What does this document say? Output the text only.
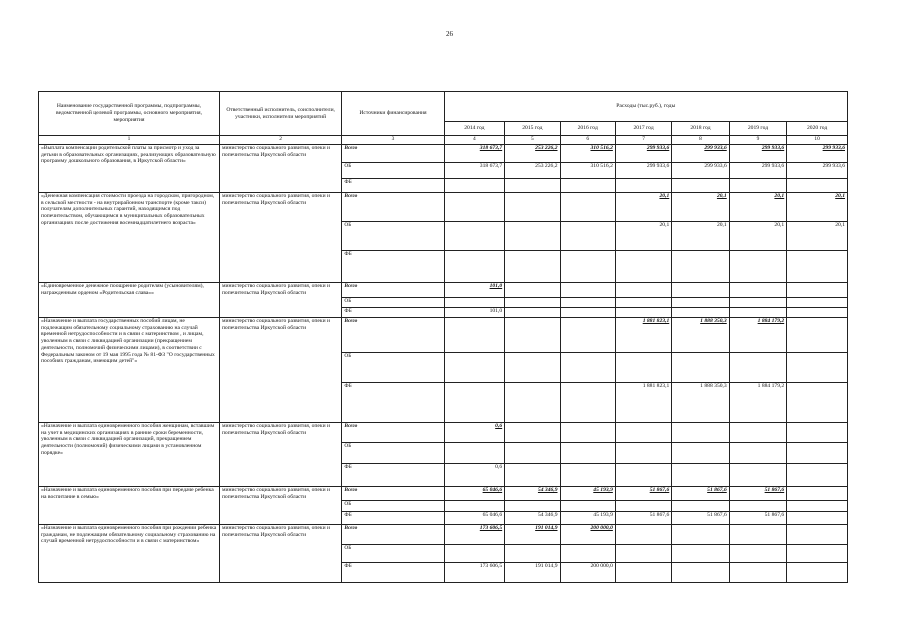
26
Наименование государственной программы, подпрограммы, ведомственной целевой программы, основного мероприятия, мероприятия	Ответственный исполнитель, соисполнители, участники, исполнители мероприятий	Источники финансирования	Расходы (тыс.руб.), годы						
			2014 год	2015 год	2016 год	2017 год	2018 год	2019 год	2020 год
1	2	3	4	5	6	7	8	9	10
«Выплата компенсации родительской платы за присмотр и уход за детьми в образовательных организациях, реализующих образовательную программу дошкольного образования, в Иркутской области»	министерство социального развития, опеки и попечительства Иркутской области	Всего	318 673,7	253 226,2	310 516,2	299 933,6	299 933,6	299 933,6	299 933,6
		ОБ	318 673,7	253 226,2	310 516,2	299 933,6	299 933,6	299 933,6	299 933,6
		ФБ							
«Денежная компенсация стоимости проезда на городском, пригородном, в сельской местности - на внутрирайонном транспорте (кроме такси) получателям дополнительных гарантий, находящимся под попечительством, обучающимся в муниципальных образовательных организациях после достижения восемнадцатилетнего возраста»	министерство социального развития, опеки и попечительства Иркутской области	Всего				20,1	20,1	20,1	20,1
		ОБ				20,1	20,1	20,1	20,1
		ФБ							
«Единовременное денежное поощрение родителям (усыновителям), награжденным орденом «Родительская слава»»	министерство социального развития, опеки и попечительства Иркутской области	Всего	101,0						
		ОБ							
		ФБ	101,0						
«Назначение и выплата государственных пособий лицам, не подлежащим обязательному социальному страхованию на случай временной нетрудоспособности и в связи с материнством , и лицам, уволенным в связи с ликвидацией организации (прекращением деятельности, полномочий физическими лицами), в соответствии с Федеральным законом от 19 мая 1995 года № 81-ФЗ "О государственных пособиях гражданам, имеющим детей"»	министерство социального развития, опеки и попечительства Иркутской области	Всего				1 881 823,1	1 888 350,3	1 884 179,2	
		ОБ							
		ФБ				1 881 823,1	1 888 350,3	1 884 179,2	
«Назначение и выплата единовременного пособия женщинам, вставшим на учет в медицинских организациях в ранние сроки беременности, уволенным в связи с ликвидацией организаций, прекращением деятельности (полномочий) физическими лицами в установленном порядке»	министерство социального развития, опеки и попечительства Иркутской области	Всего	0,6						
		ОБ							
		ФБ	0,6						
«Назначение и выплата единовременного пособия при передаче ребенка на воспитание в семью»	министерство социального развития, опеки и попечительства Иркутской области	Всего	65 046,6	54 346,9	45 193,9	51 867,6	51 867,6	51 867,6	
		ОБ							
		ФБ	65 046,6	54 346,9	45 193,9	51 867,6	51 867,6	51 867,6	
«Назначение и выплата единовременного пособия при рождении ребенка гражданам, не подлежащим обязательному социальному страхованию на случай временной нетрудоспособности и в связи с материнством»	министерство социального развития, опеки и попечительства Иркутской области	Всего	173 606,5	191 014,9	200 000,0				
		ОБ							
		ФБ	173 606,5	191 014,9	200 000,0				
